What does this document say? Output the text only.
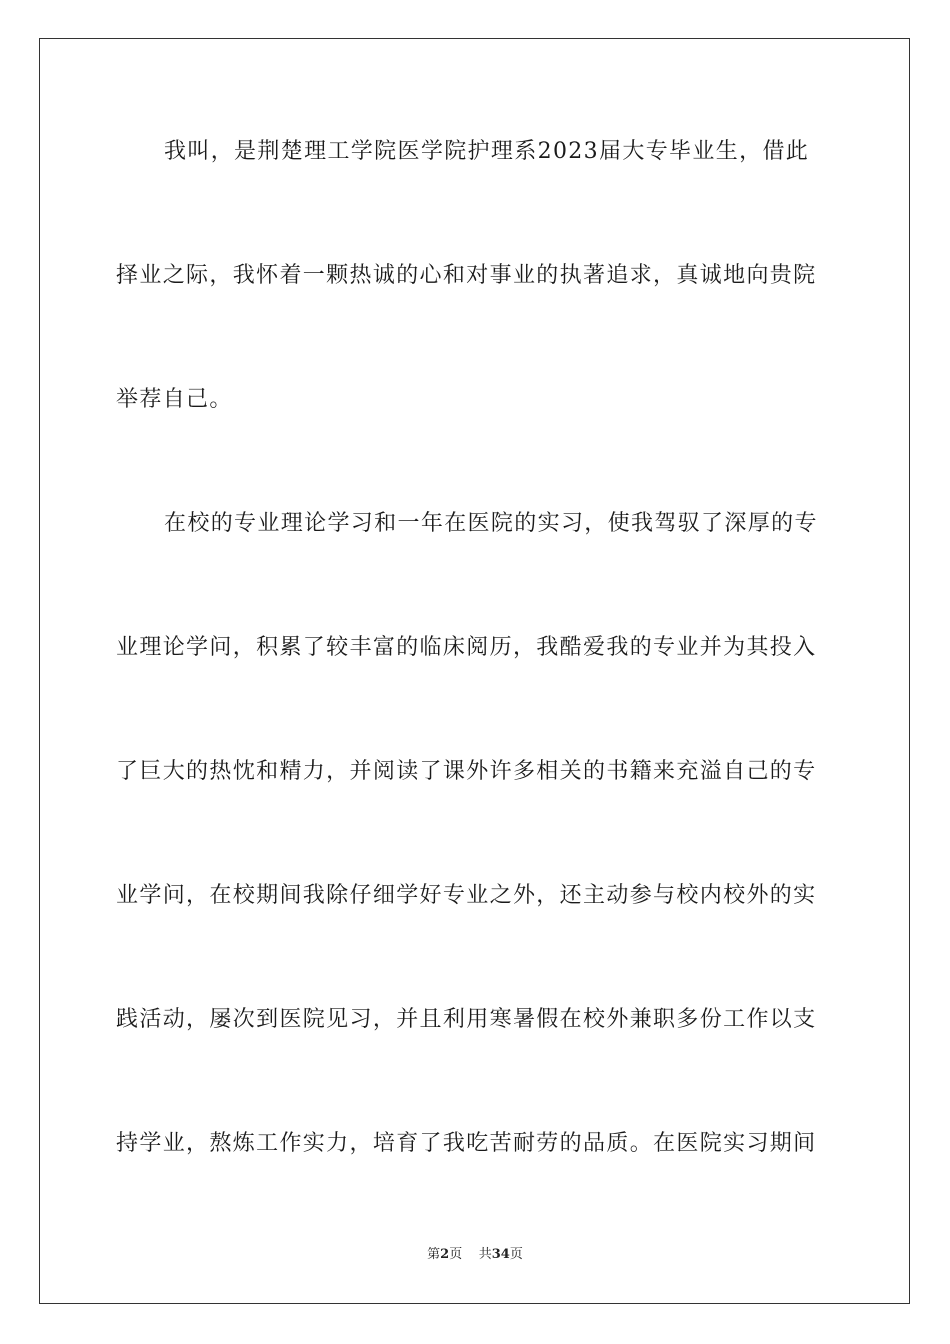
我叫，是荆楚理工学院医学院护理系2023届大专毕业生，借此
择业之际，我怀着一颗热诚的心和对事业的执著追求，真诚地向贵院
举荐自己。
在校的专业理论学习和一年在医院的实习，使我驾驭了深厚的专
业理论学问，积累了较丰富的临床阅历，我酷爱我的专业并为其投入
了巨大的热忱和精力，并阅读了课外许多相关的书籍来充溢自己的专
业学问，在校期间我除仔细学好专业之外，还主动参与校内校外的实
践活动，屡次到医院见习，并且利用寒暑假在校外兼职多份工作以支
持学业，熬炼工作实力，培育了我吃苦耐劳的品质。在医院实习期间
第2页 共34页
